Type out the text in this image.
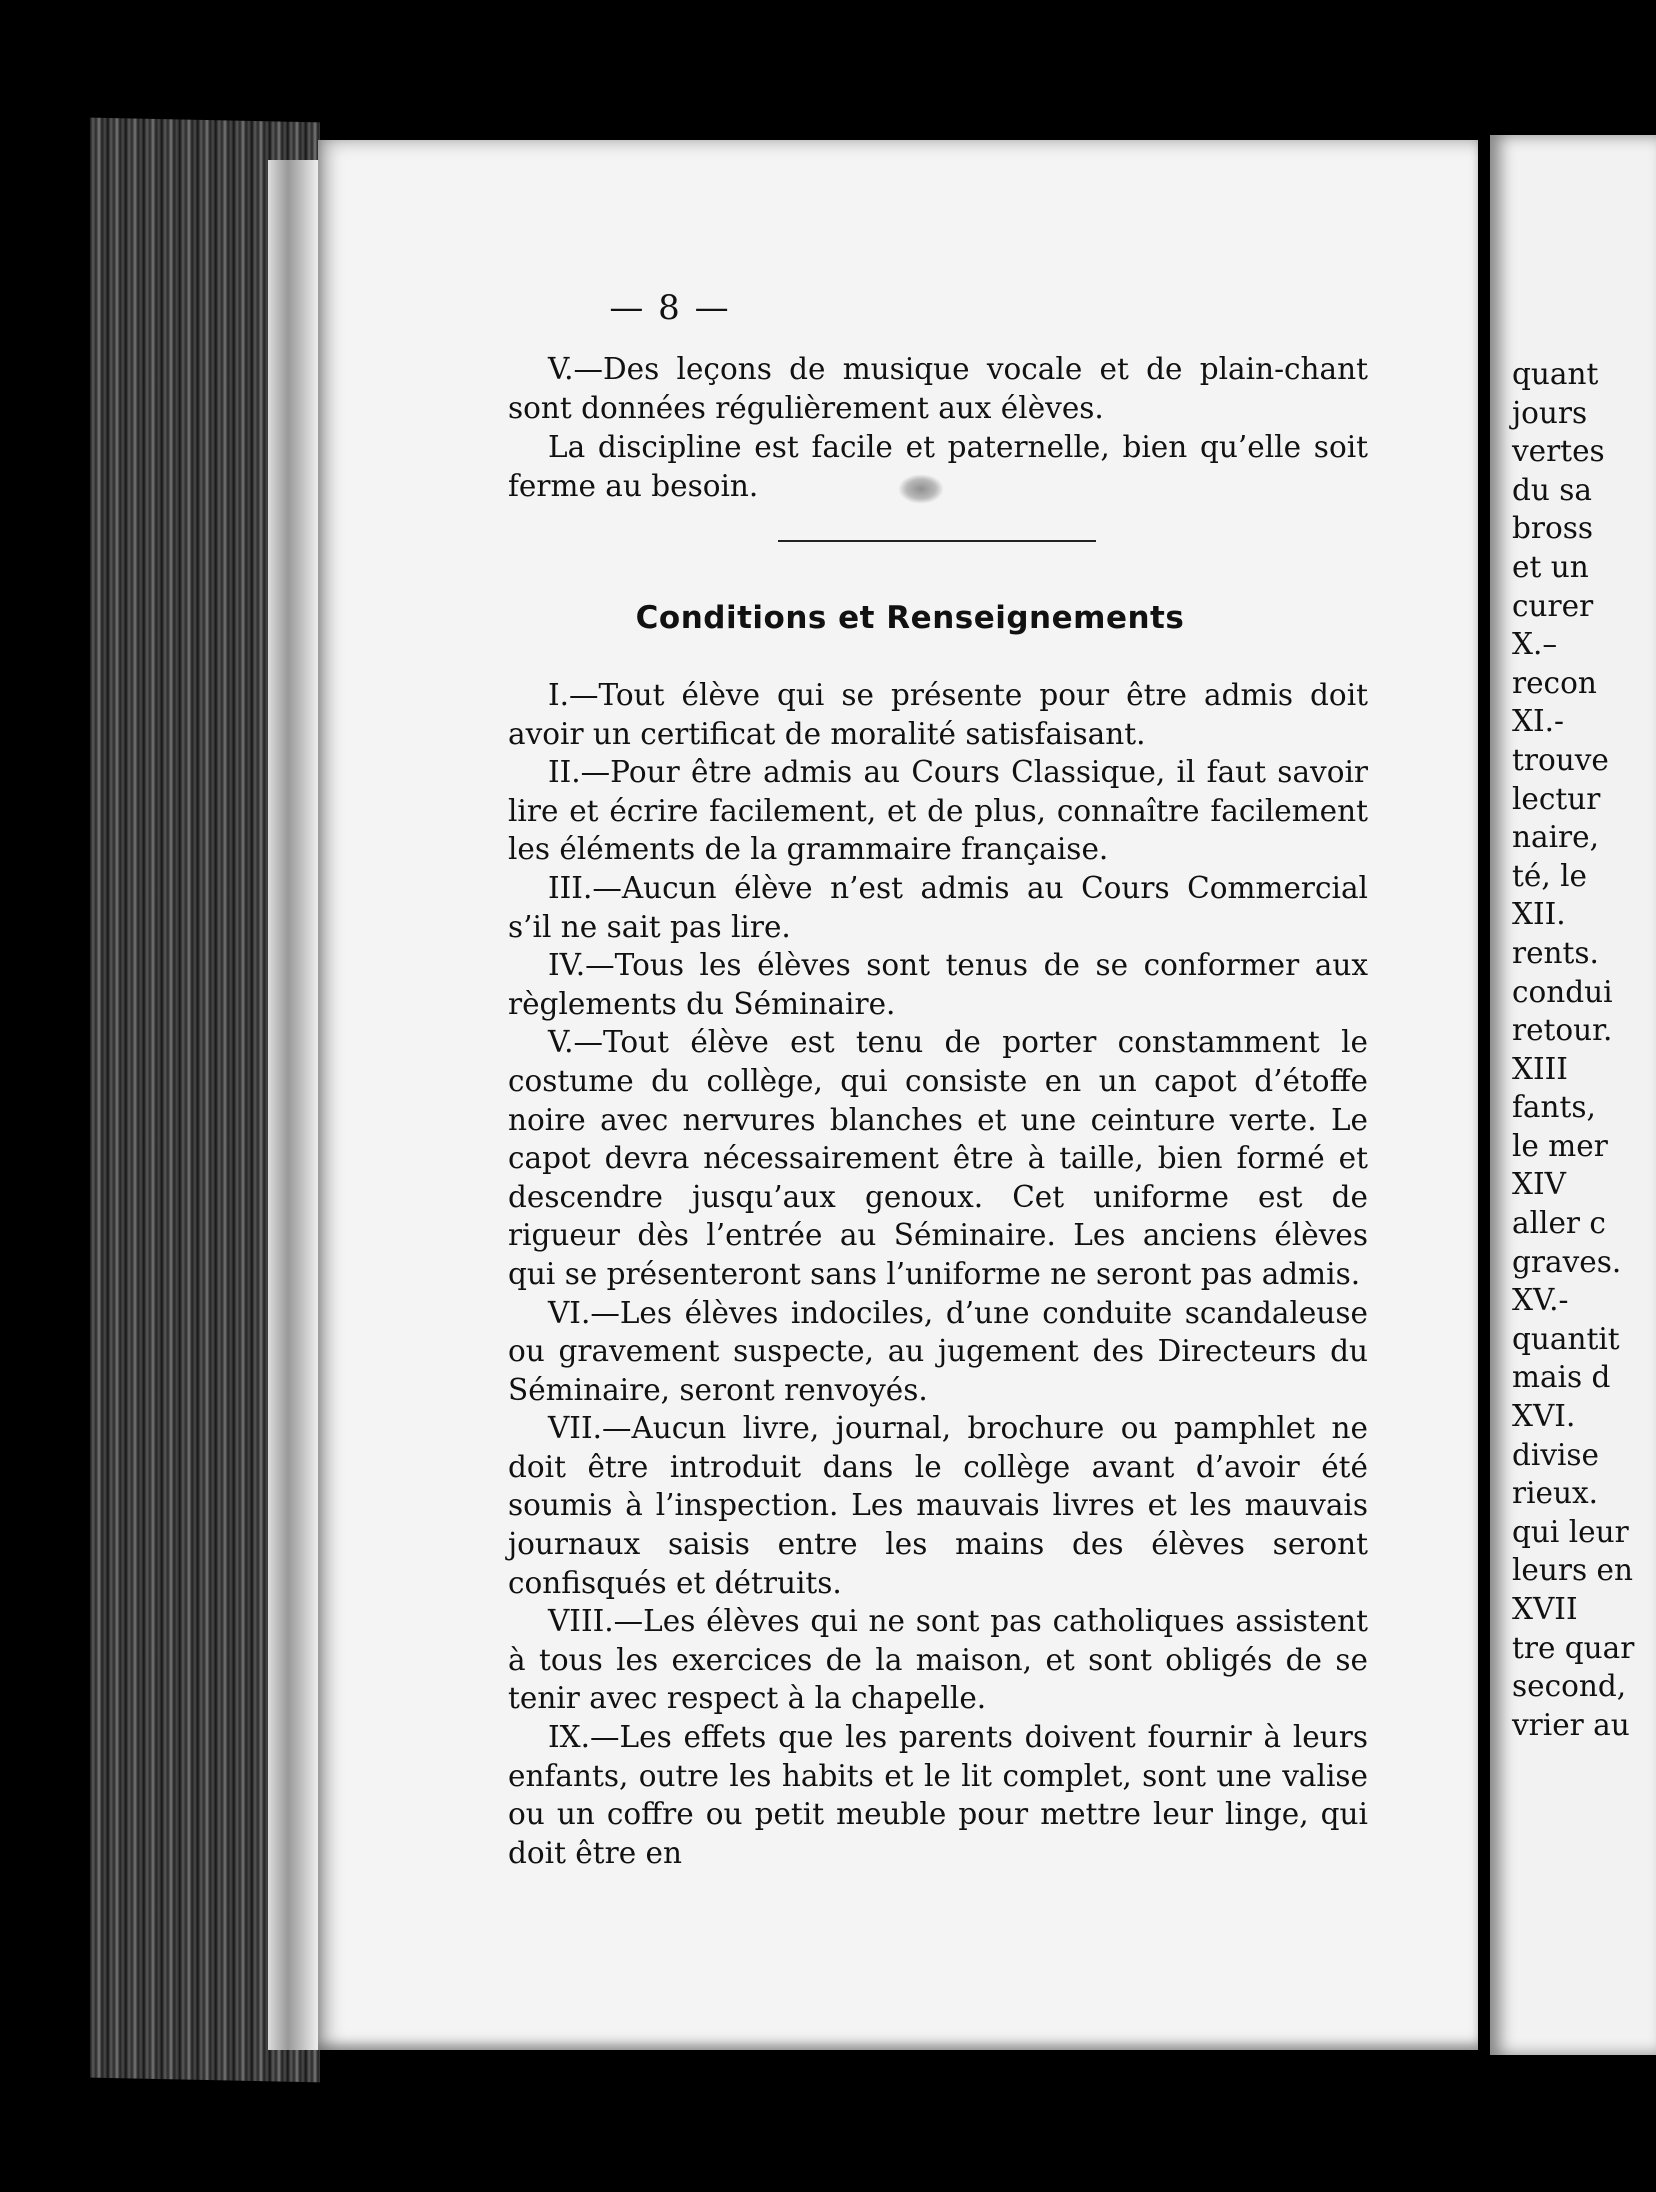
— 8 —

V.—Des leçons de musique vocale et de plain-chant sont données régulièrement aux élèves.

La discipline est facile et paternelle, bien qu’elle soit ferme au besoin.

Conditions et Renseignements

I.—Tout élève qui se présente pour être admis doit avoir un certificat de moralité satisfaisant.

II.—Pour être admis au Cours Classique, il faut savoir lire et écrire facilement, et de plus, connaître facilement les éléments de la grammaire française.

III.—Aucun élève n’est admis au Cours Commercial s’il ne sait pas lire.

IV.—Tous les élèves sont tenus de se conformer aux règlements du Séminaire.

V.—Tout élève est tenu de porter constamment le costume du collège, qui consiste en un capot d’étoffe noire avec nervures blanches et une ceinture verte. Le capot devra nécessairement être à taille, bien formé et descendre jusqu’aux genoux. Cet uniforme est de rigueur dès l’entrée au Séminaire. Les anciens élèves qui se présenteront sans l’uniforme ne seront pas admis.

VI.—Les élèves indociles, d’une conduite scandaleuse ou gravement suspecte, au jugement des Directeurs du Séminaire, seront renvoyés.

VII.—Aucun livre, journal, brochure ou pamphlet ne doit être introduit dans le collège avant d’avoir été soumis à l’inspection. Les mauvais livres et les mauvais journaux saisis entre les mains des élèves seront confisqués et détruits.

VIII.—Les élèves qui ne sont pas catholiques assistent à tous les exercices de la maison, et sont obligés de se tenir avec respect à la chapelle.

IX.—Les effets que les parents doivent fournir à leurs enfants, outre les habits et le lit complet, sont une valise ou un coffre ou petit meuble pour mettre leur linge, qui doit être en

quant
jours
vertes
du sa
bross
et un
curer
X.–
recon
XI.-
trouve
lectur
naire,
té, le
XII.
rents.
condui
retour.
XIII
fants,
le mer
XIV
aller c
graves.
XV.-
quantit
mais d
XVI.
divise
rieux.
qui leur
leurs en
XVII
tre quar
second,
vrier au
